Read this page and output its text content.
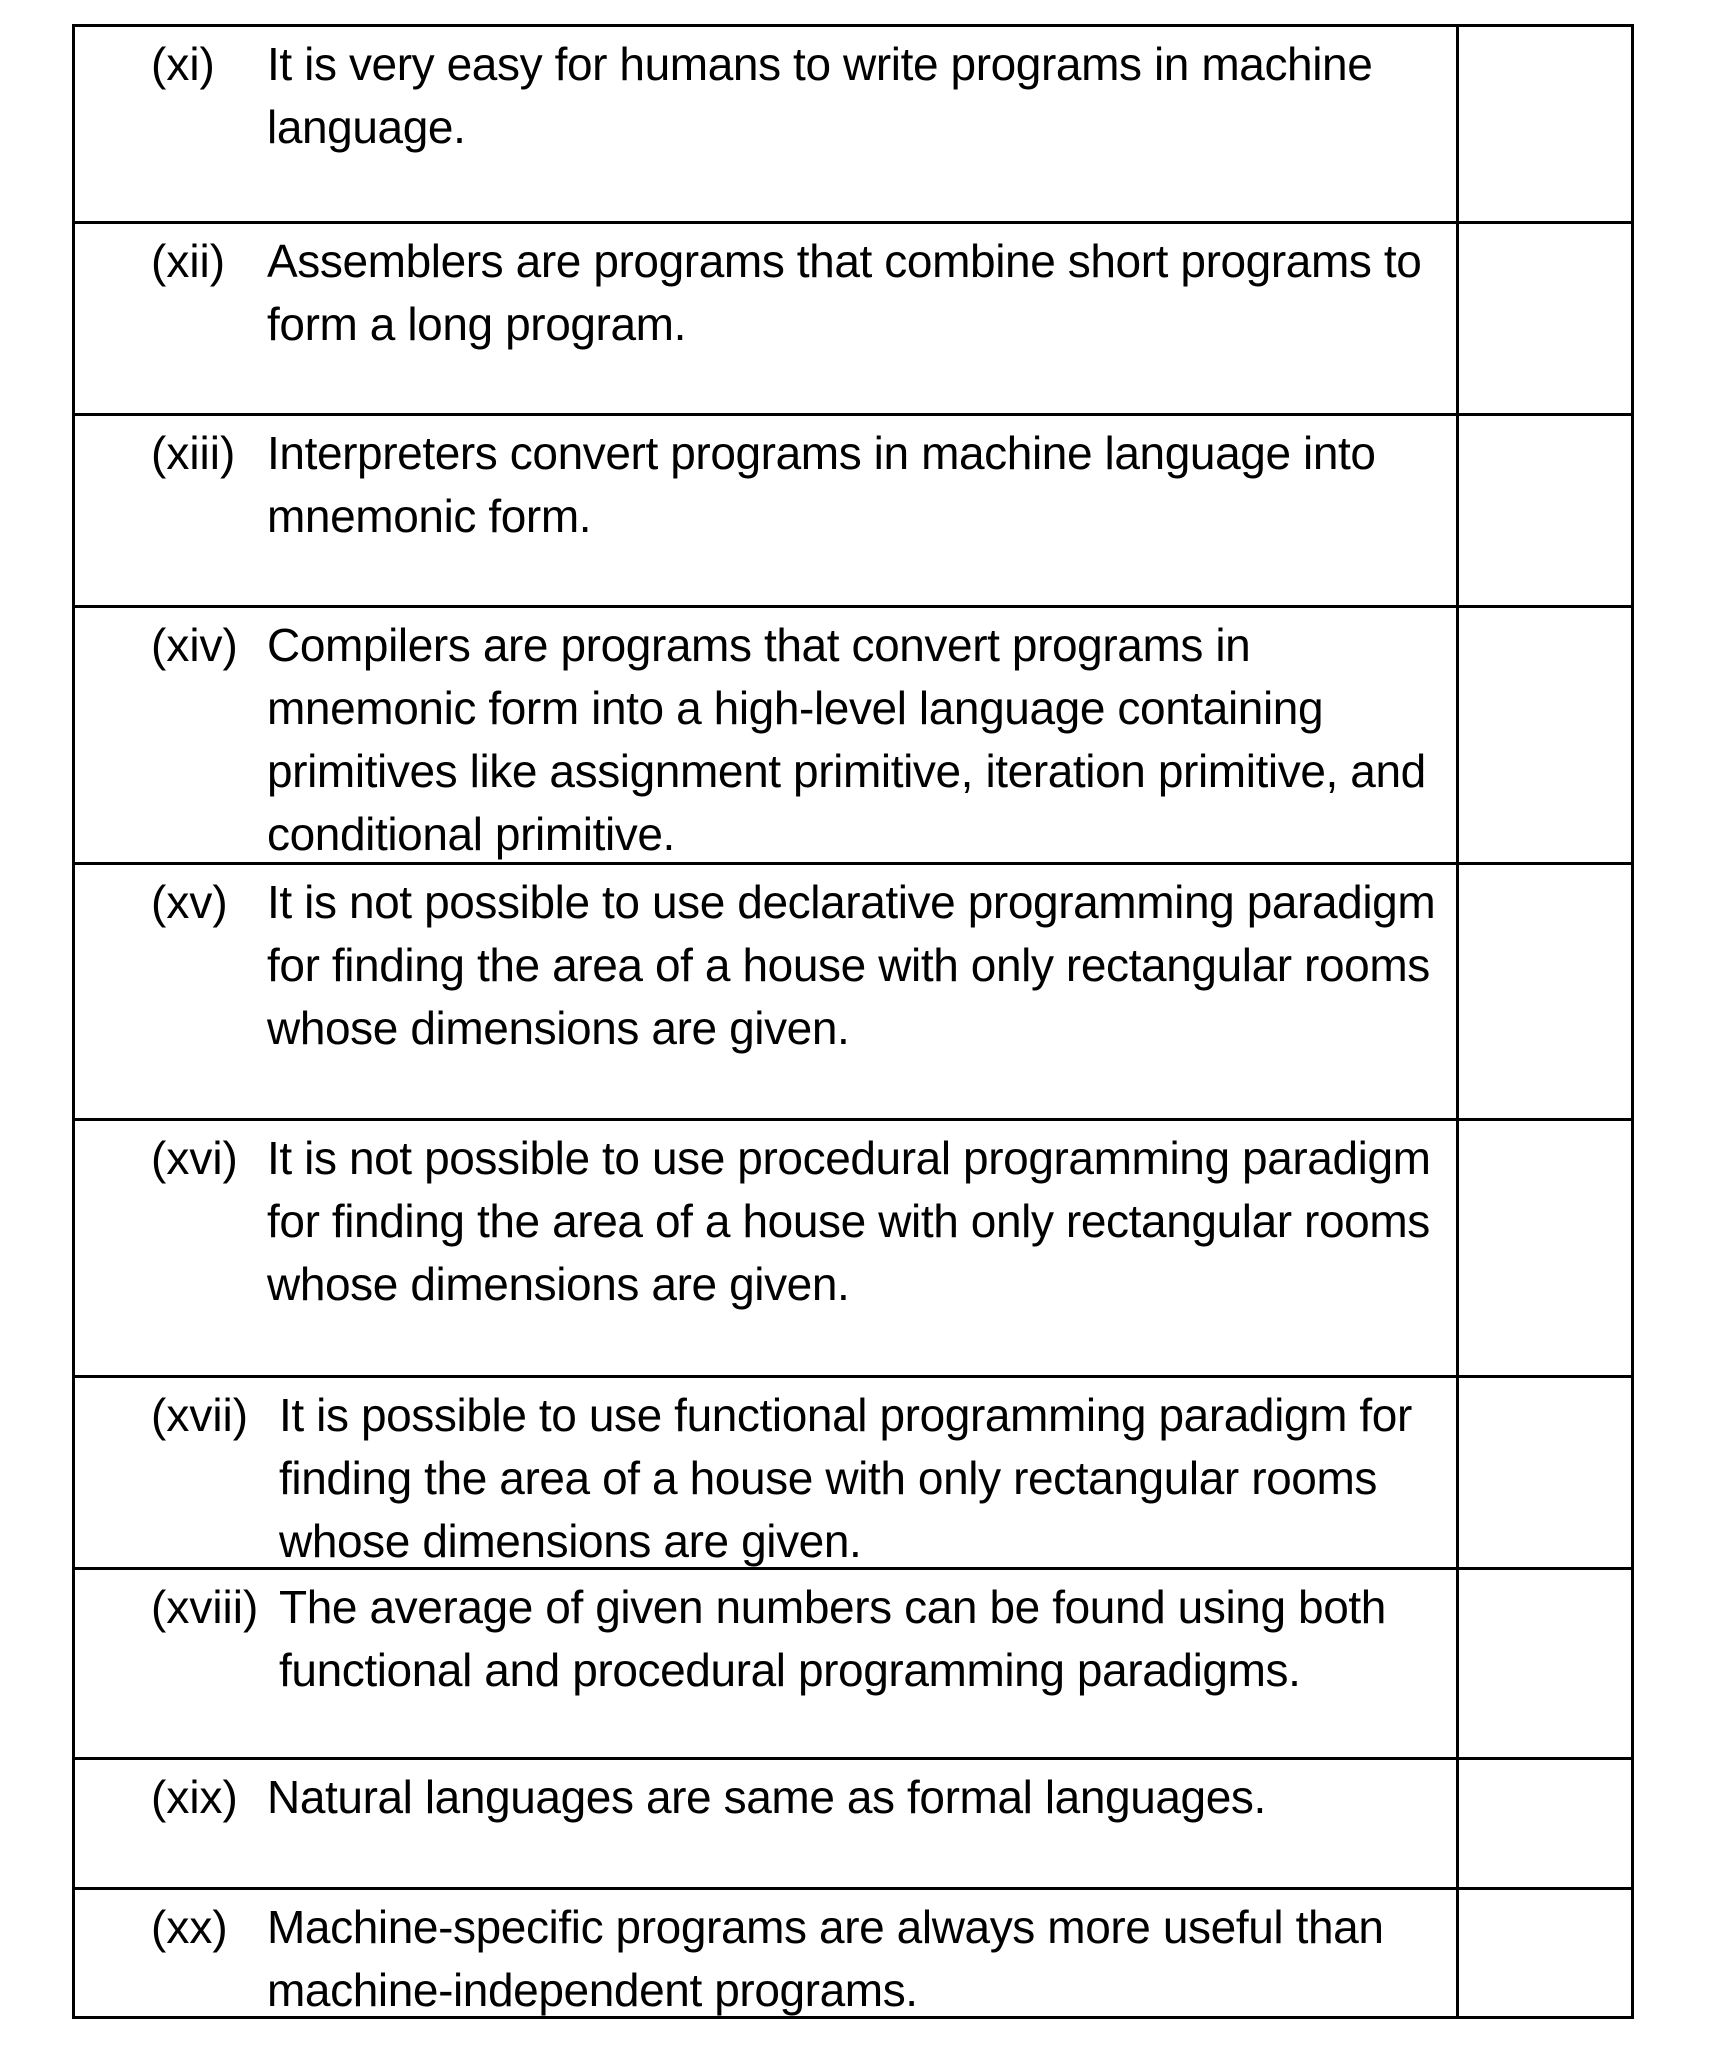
(xi) It is very easy for humans to write programs in machine language.
(xii) Assemblers are programs that combine short programs to form a long program.
(xiii) Interpreters convert programs in machine language into mnemonic form.
(xiv) Compilers are programs that convert programs in mnemonic form into a high-level language containing primitives like assignment primitive, iteration primitive, and conditional primitive.
(xv) It is not possible to use declarative programming paradigm for finding the area of a house with only rectangular rooms whose dimensions are given.
(xvi) It is not possible to use procedural programming paradigm for finding the area of a house with only rectangular rooms whose dimensions are given.
(xvii) It is possible to use functional programming paradigm for finding the area of a house with only rectangular rooms whose dimensions are given.
(xviii) The average of given numbers can be found using both functional and procedural programming paradigms.
(xix) Natural languages are same as formal languages.
(xx) Machine-specific programs are always more useful than machine-independent programs.
